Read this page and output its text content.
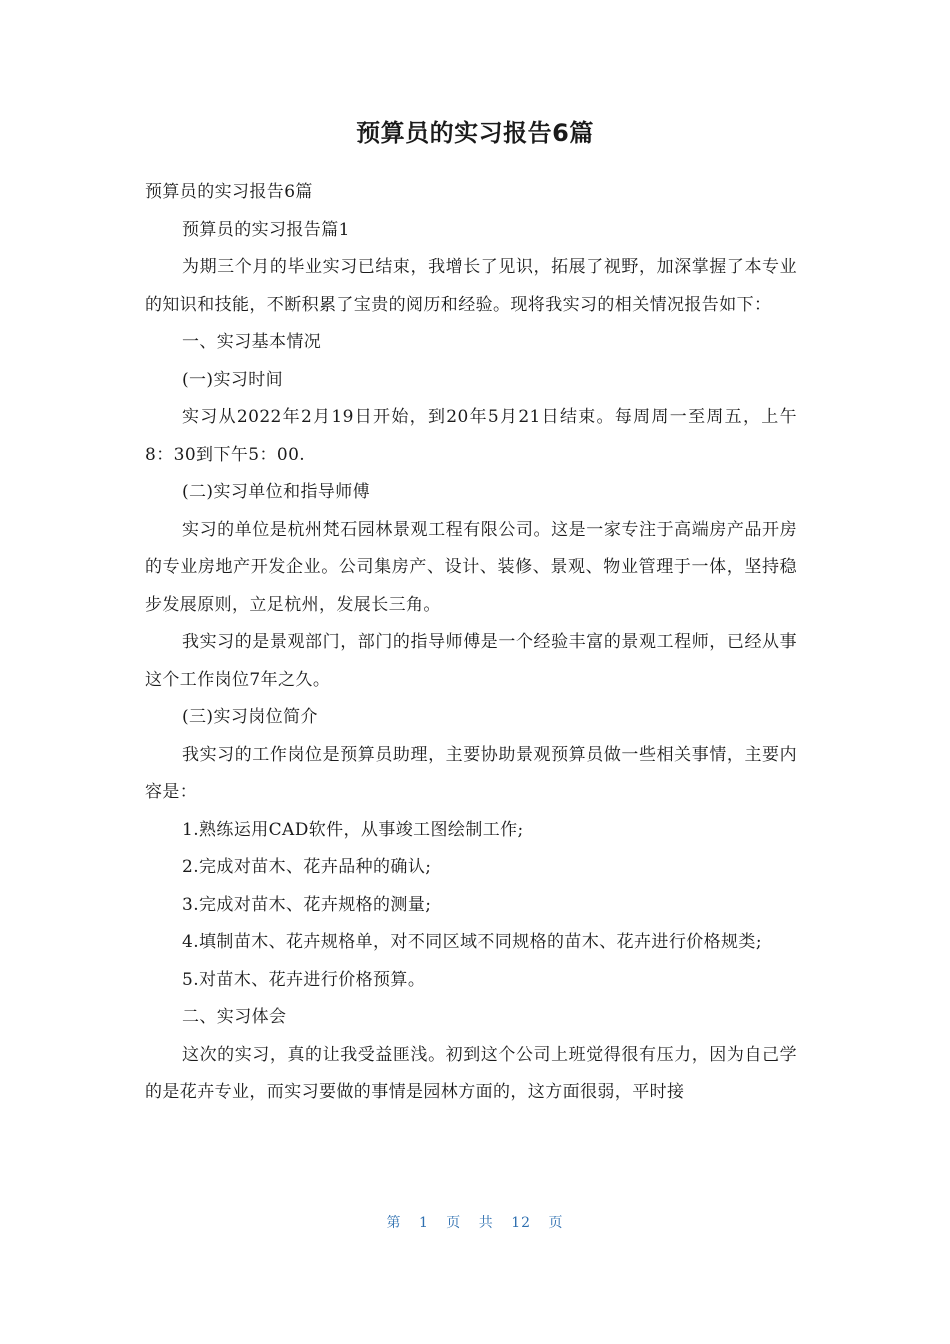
预算员的实习报告6篇

预算员的实习报告6篇

预算员的实习报告篇1

为期三个月的毕业实习已结束，我增长了见识，拓展了视野，加深掌握了本专业的知识和技能，不断积累了宝贵的阅历和经验。现将我实习的相关情况报告如下：

一、实习基本情况

(一)实习时间

实习从2022年2月19日开始，到20年5月21日结束。每周周一至周五，上午8：30到下午5：00.

(二)实习单位和指导师傅

实习的单位是杭州梵石园林景观工程有限公司。这是一家专注于高端房产品开房的专业房地产开发企业。公司集房产、设计、装修、景观、物业管理于一体，坚持稳步发展原则，立足杭州，发展长三角。

我实习的是景观部门，部门的指导师傅是一个经验丰富的景观工程师，已经从事这个工作岗位7年之久。

(三)实习岗位简介

我实习的工作岗位是预算员助理，主要协助景观预算员做一些相关事情，主要内容是：

1.熟练运用CAD软件，从事竣工图绘制工作;

2.完成对苗木、花卉品种的确认;

3.完成对苗木、花卉规格的测量;

4.填制苗木、花卉规格单，对不同区域不同规格的苗木、花卉进行价格规类;

5.对苗木、花卉进行价格预算。

二、实习体会

这次的实习，真的让我受益匪浅。初到这个公司上班觉得很有压力，因为自己学的是花卉专业，而实习要做的事情是园林方面的，这方面很弱，平时接

第 1 页 共 12 页
